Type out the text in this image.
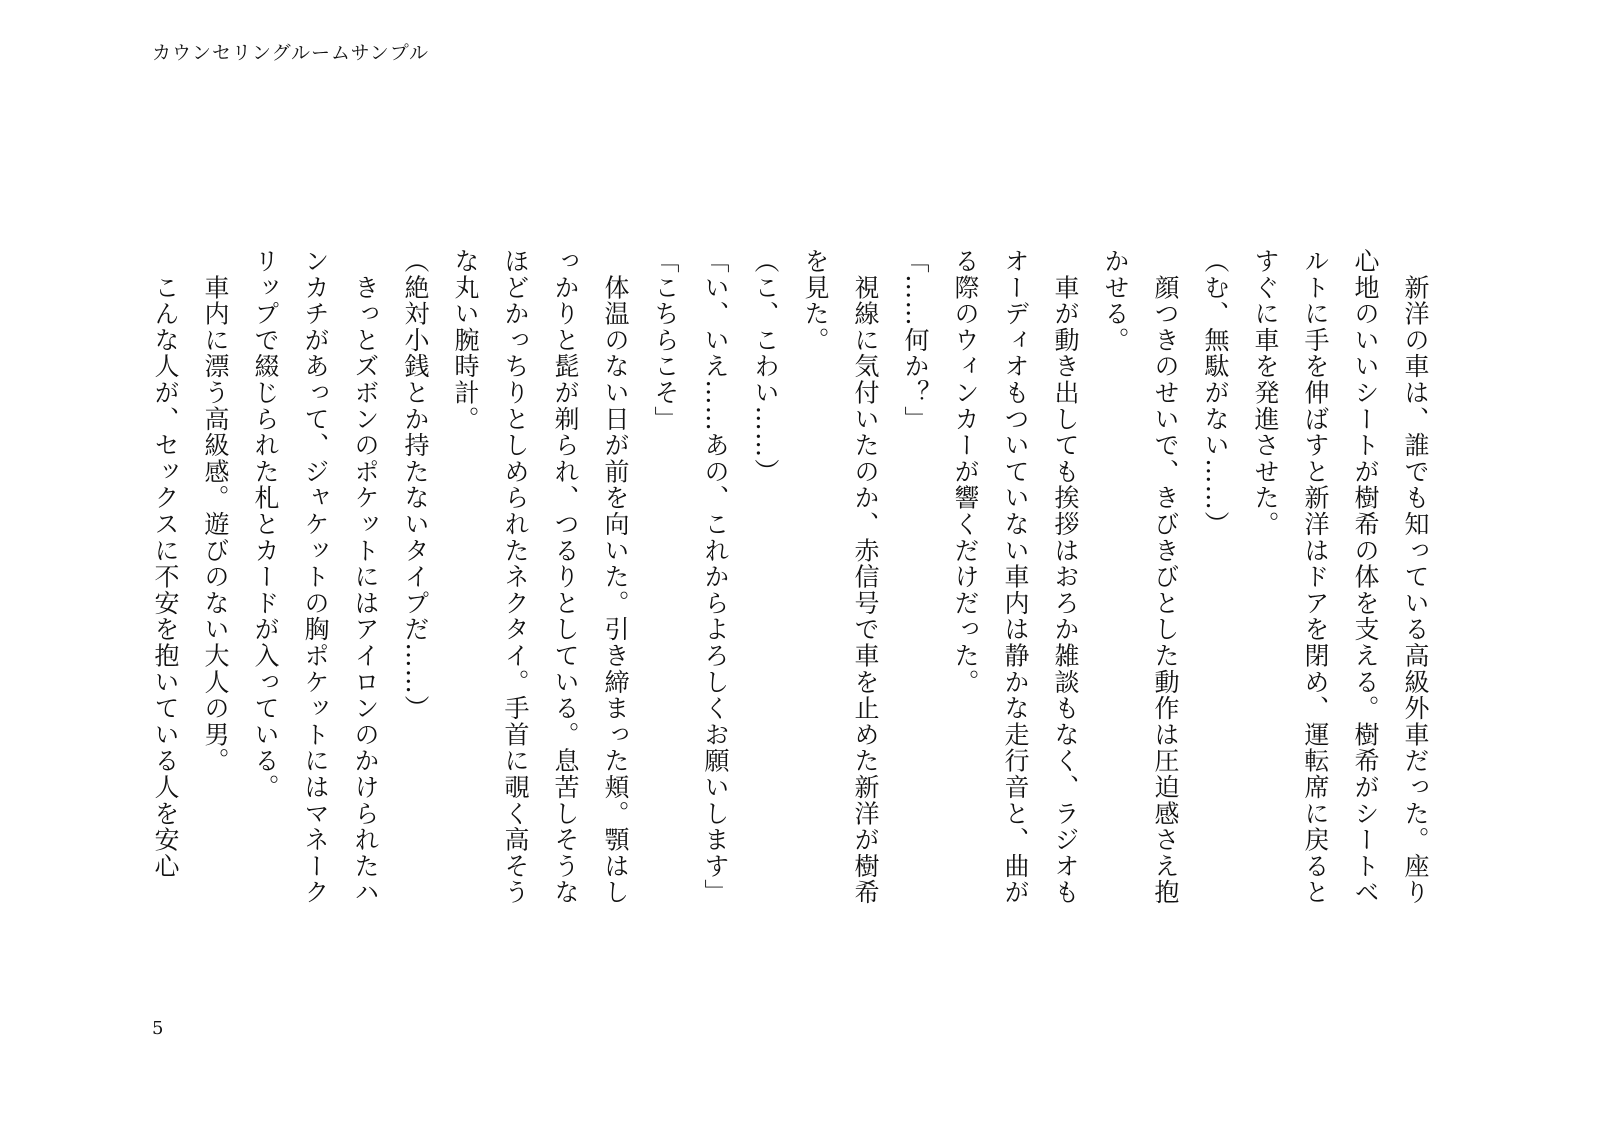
カウンセリングルームサンプル

　新洋の車は、誰でも知っている高級外車だった。座り心地のいいシートが樹希の体を支える。樹希がシートベルトに手を伸ばすと新洋はドアを閉め、運転席に戻るとすぐに車を発進させた。

（む、無駄がない……）

　顔つきのせいで、きびきびとした動作は圧迫感さえ抱かせる。

　車が動き出しても挨拶はおろか雑談もなく、ラジオもオーディオもついていない車内は静かな走行音と、曲がる際のウィンカーが響くだけだった。

「……何か？」

　視線に気付いたのか、赤信号で車を止めた新洋が樹希を見た。

（こ、こわい……）

「い、いえ……あの、これからよろしくお願いします」

「こちらこそ」

　体温のない日が前を向いた。引き締まった頬。顎はしっかりと髭が剃られ、つるりとしている。息苦しそうなほどかっちりとしめられたネクタイ。手首に覗く高そうな丸い腕時計。

（絶対小銭とか持たないタイプだ……）

　きっとズボンのポケットにはアイロンのかけられたハンカチがあって、ジャケットの胸ポケットにはマネークリップで綴じられた札とカードが入っている。

　車内に漂う高級感。遊びのない大人の男。

　こんな人が、セックスに不安を抱いている人を安心

5
